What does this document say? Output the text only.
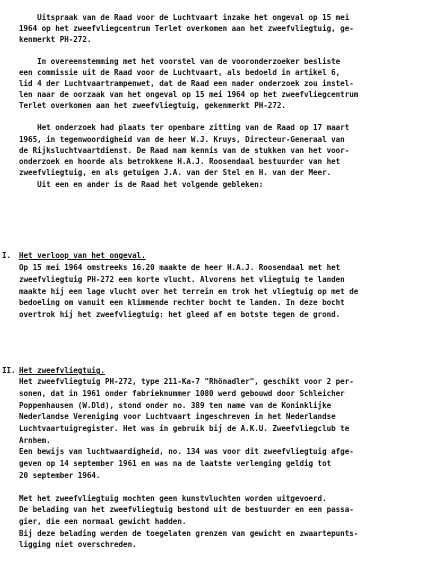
Uitspraak van de Raad voor de Luchtvaart inzake het ongeval op 15 mei
1964 op het zweefvliegcentrum Terlet overkomen aan het zweefvliegtuig, ge-
kenmerkt PH-272.
In overeenstemming met het voorstel van de vooronderzoeker besliste
een commissie uit de Raad voor de Luchtvaart, als bedoeld in artikel 6,
lid 4 der Luchtvaartrampenwet, dat de Raad een nader onderzoek zou instel-
len naar de oorzaak van het ongeval op 15 mei 1964 op het zweefvliegcentrum
Terlet overkomen aan het zweefvliegtuig, gekenmerkt PH-272.
Het onderzoek had plaats ter openbare zitting van de Raad op 17 maart
1965, in tegenwoordigheid van de heer W.J. Kruys, Directeur-Generaal van
de Rijksluchtvaartdienst. De Raad nam kennis van de stukken van het voor-
onderzoek en hoorde als betrokkene H.A.J. Roosendaal bestuurder van het
zweefvliegtuig, en als getuigen J.A. van der Stel en H. van der Meer.
Uit een en ander is de Raad het volgende gebleken:
I. Het verloop van het ongeval.
Op 15 mei 1964 omstreeks 16.20 maakte de heer H.A.J. Roosendaal met het
zweefvliegtuig PH-272 een korte vlucht. Alvorens het vliegtuig te landen
maakte hij een lage vlucht over het terrein en trok het vliegtuig op met de
bedoeling om vanuit een klimmende rechter bocht te landen. In deze bocht
overtrok hij het zweefvliegtuig: het gleed af en botste tegen de grond.
II. Het zweefvliegtuig.
Het zweefvliegtuig PH-272, type 211-Ka-7 "Rhönadler", geschikt voor 2 per-
sonen, dat in 1961 onder fabrieknummer 1080 werd gebouwd door Schleicher
Poppenhausen (W.Dld), stond onder no. 389 ten name van de Koninklijke
Nederlandse Vereniging voor Luchtvaart ingeschreven in het Nederlandse
Luchtvaartuigregister. Het was in gebruik bij de A.K.U. Zweefvliegclub te
Arnhem.
Een bewijs van luchtwaardigheid, no. 134 was voor dit zweefvliegtuig afge-
geven op 14 september 1961 en was na de laatste verlenging geldig tot
20 september 1964.
Met het zweefvliegtuig mochten geen kunstvluchten worden uitgevoerd.
De belading van het zweefvliegtuig bestond uit de bestuurder en een passa-
gier, die een normaal gewicht hadden.
Bij deze belading werden de toegelaten grenzen van gewicht en zwaartepunts-
ligging niet overschreden.
